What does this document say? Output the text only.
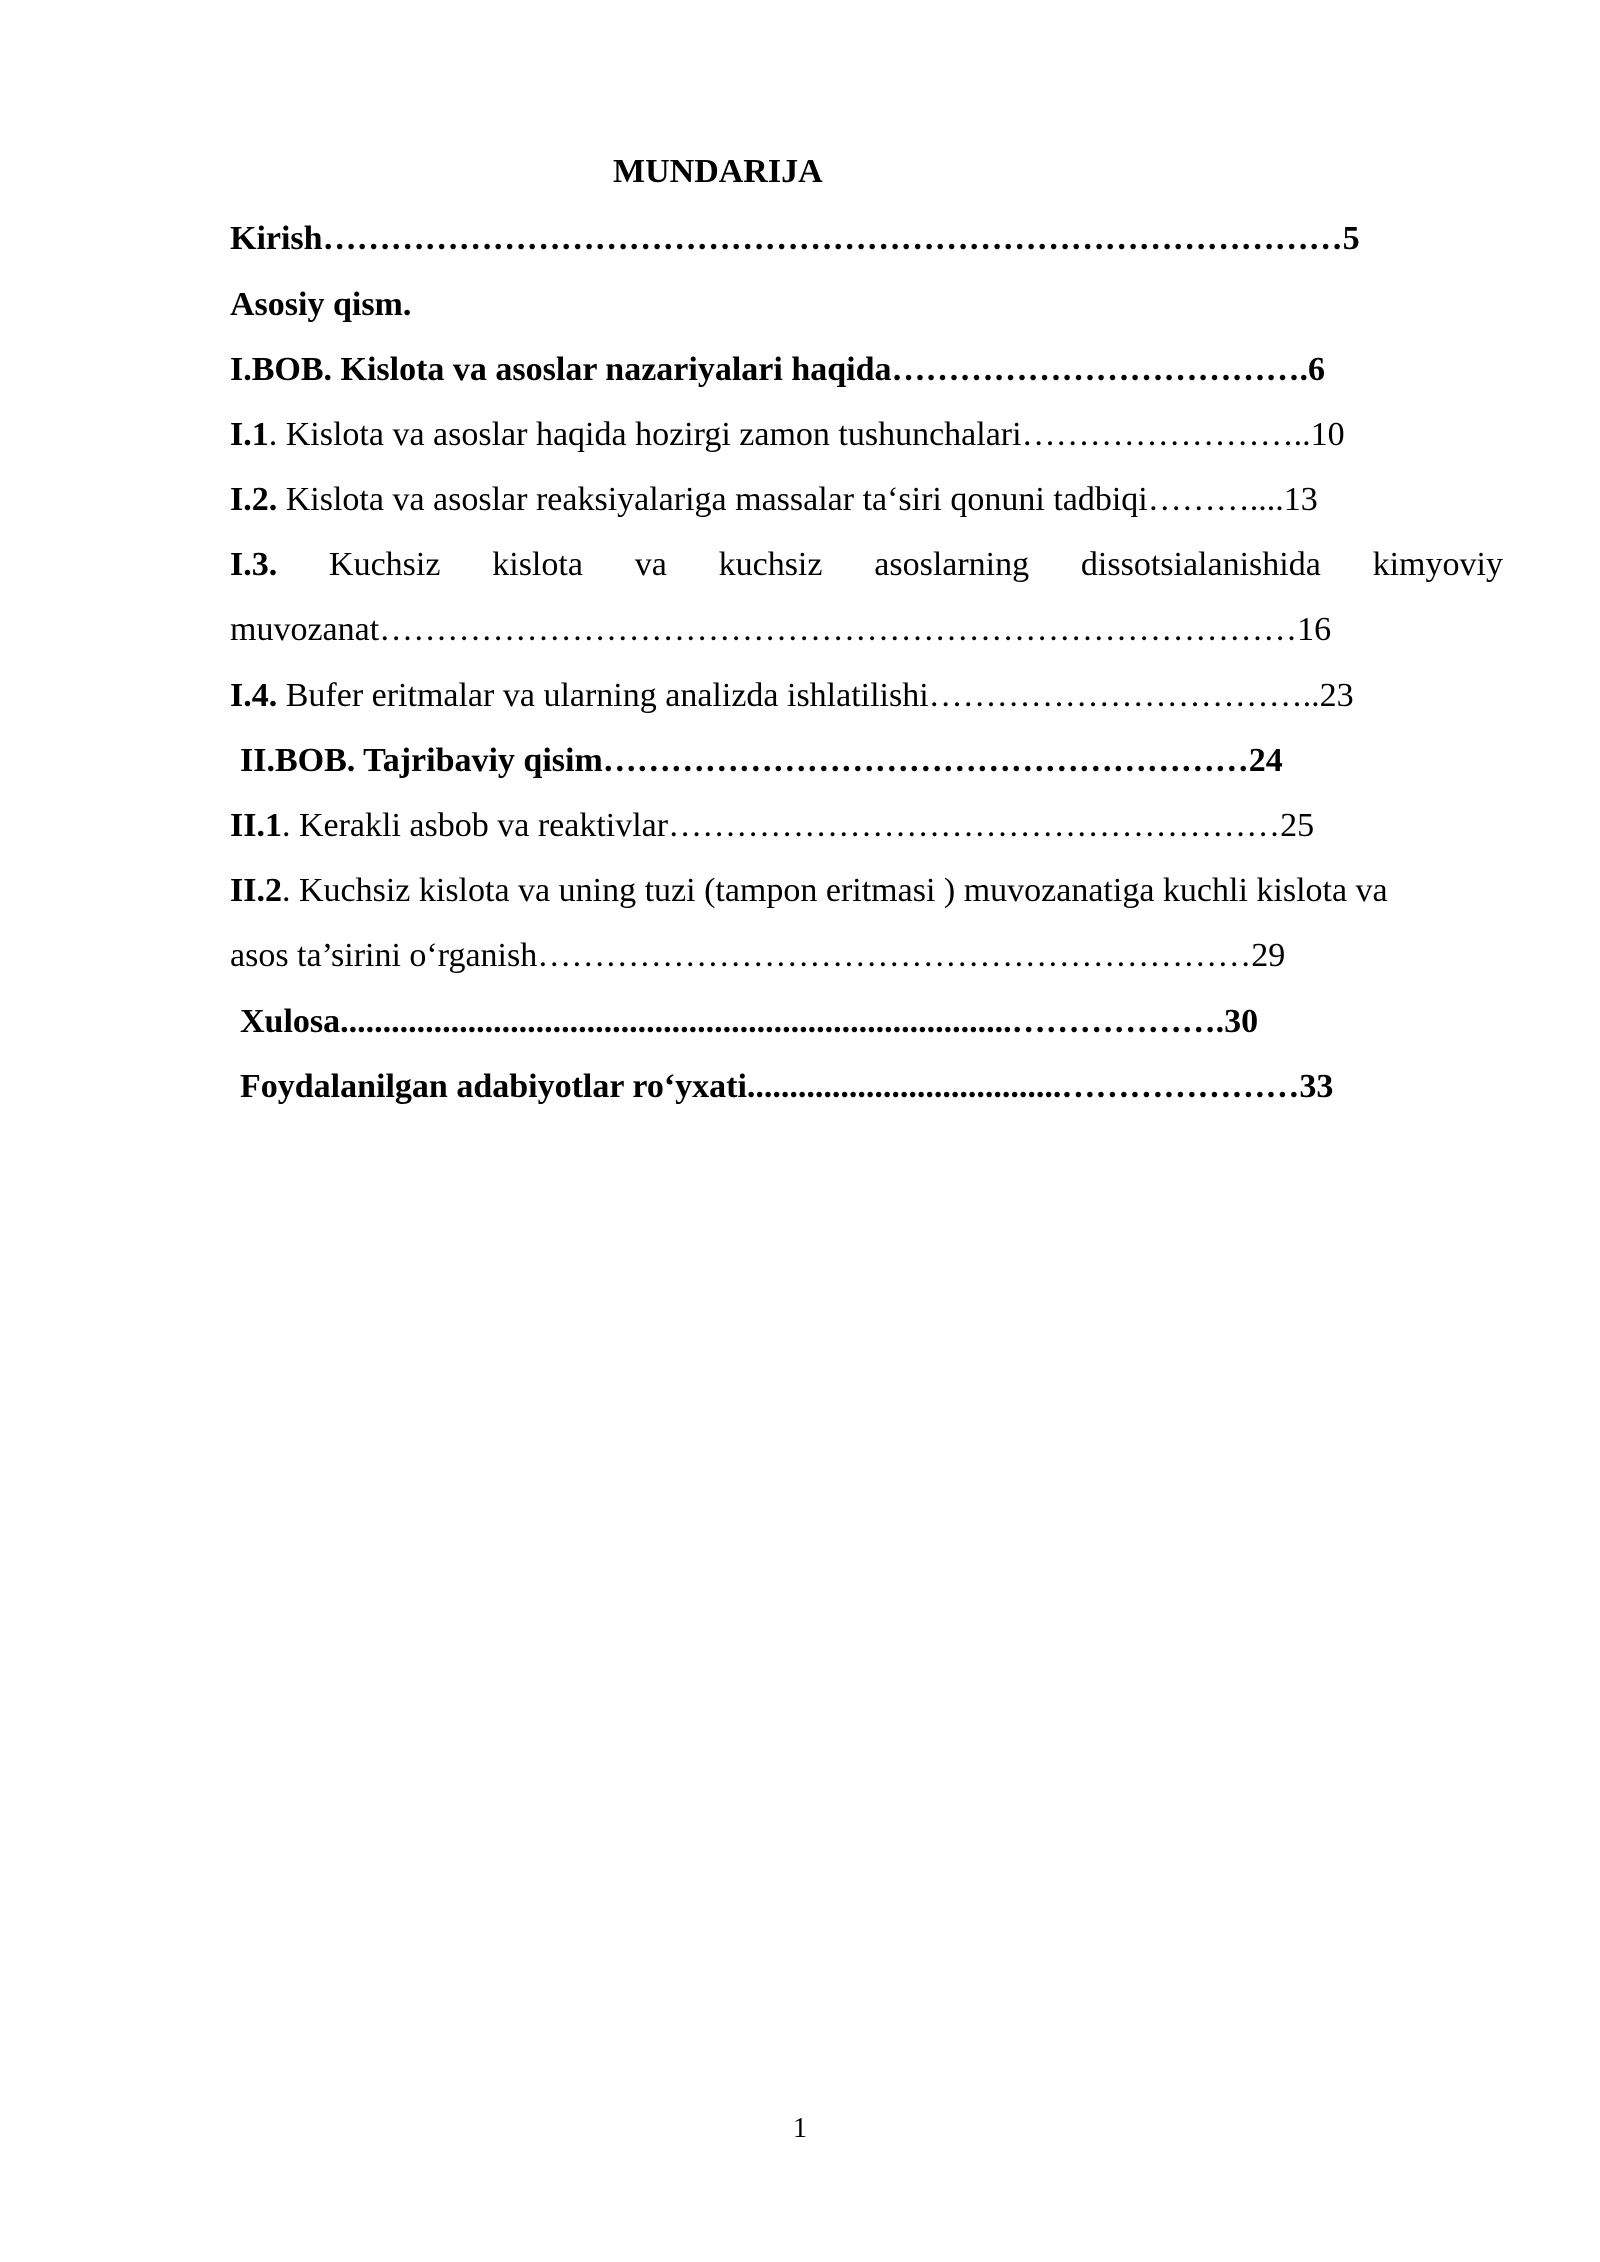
MUNDARIJA
Kirish………………………………………………………………………………5
Asosiy qism.
I.BOB. Kislota va asoslar nazariyalari haqida……………………………….6
I.1. Kislota va asoslar haqida hozirgi zamon tushunchalari……………………..10
I.2. Kislota va asoslar reaksiyalariga massalar taʻsiri qonuni tadbiqi………....13
I.3. Kuchsiz kislota va kuchsiz asoslarning dissotsialanishida kimyoviy
muvozanat………………………………………………………………………16
I.4. Bufer eritmalar va ularning analizda ishlatilishi……………………………..23
II.BOB. Tajribaviy qisim…………………………………………………24
II.1. Kerakli asbob va reaktivlar………………………………………………25
II.2. Kuchsiz kislota va uning tuzi (tampon eritmasi ) muvozanatiga kuchli kislota va
asos ta’sirini oʻrganish………………………………………………………29
Xulosa...............................................................................……………….30
Foydalanilgan adabiyotlar roʻyxati.....................................…………………33
1
